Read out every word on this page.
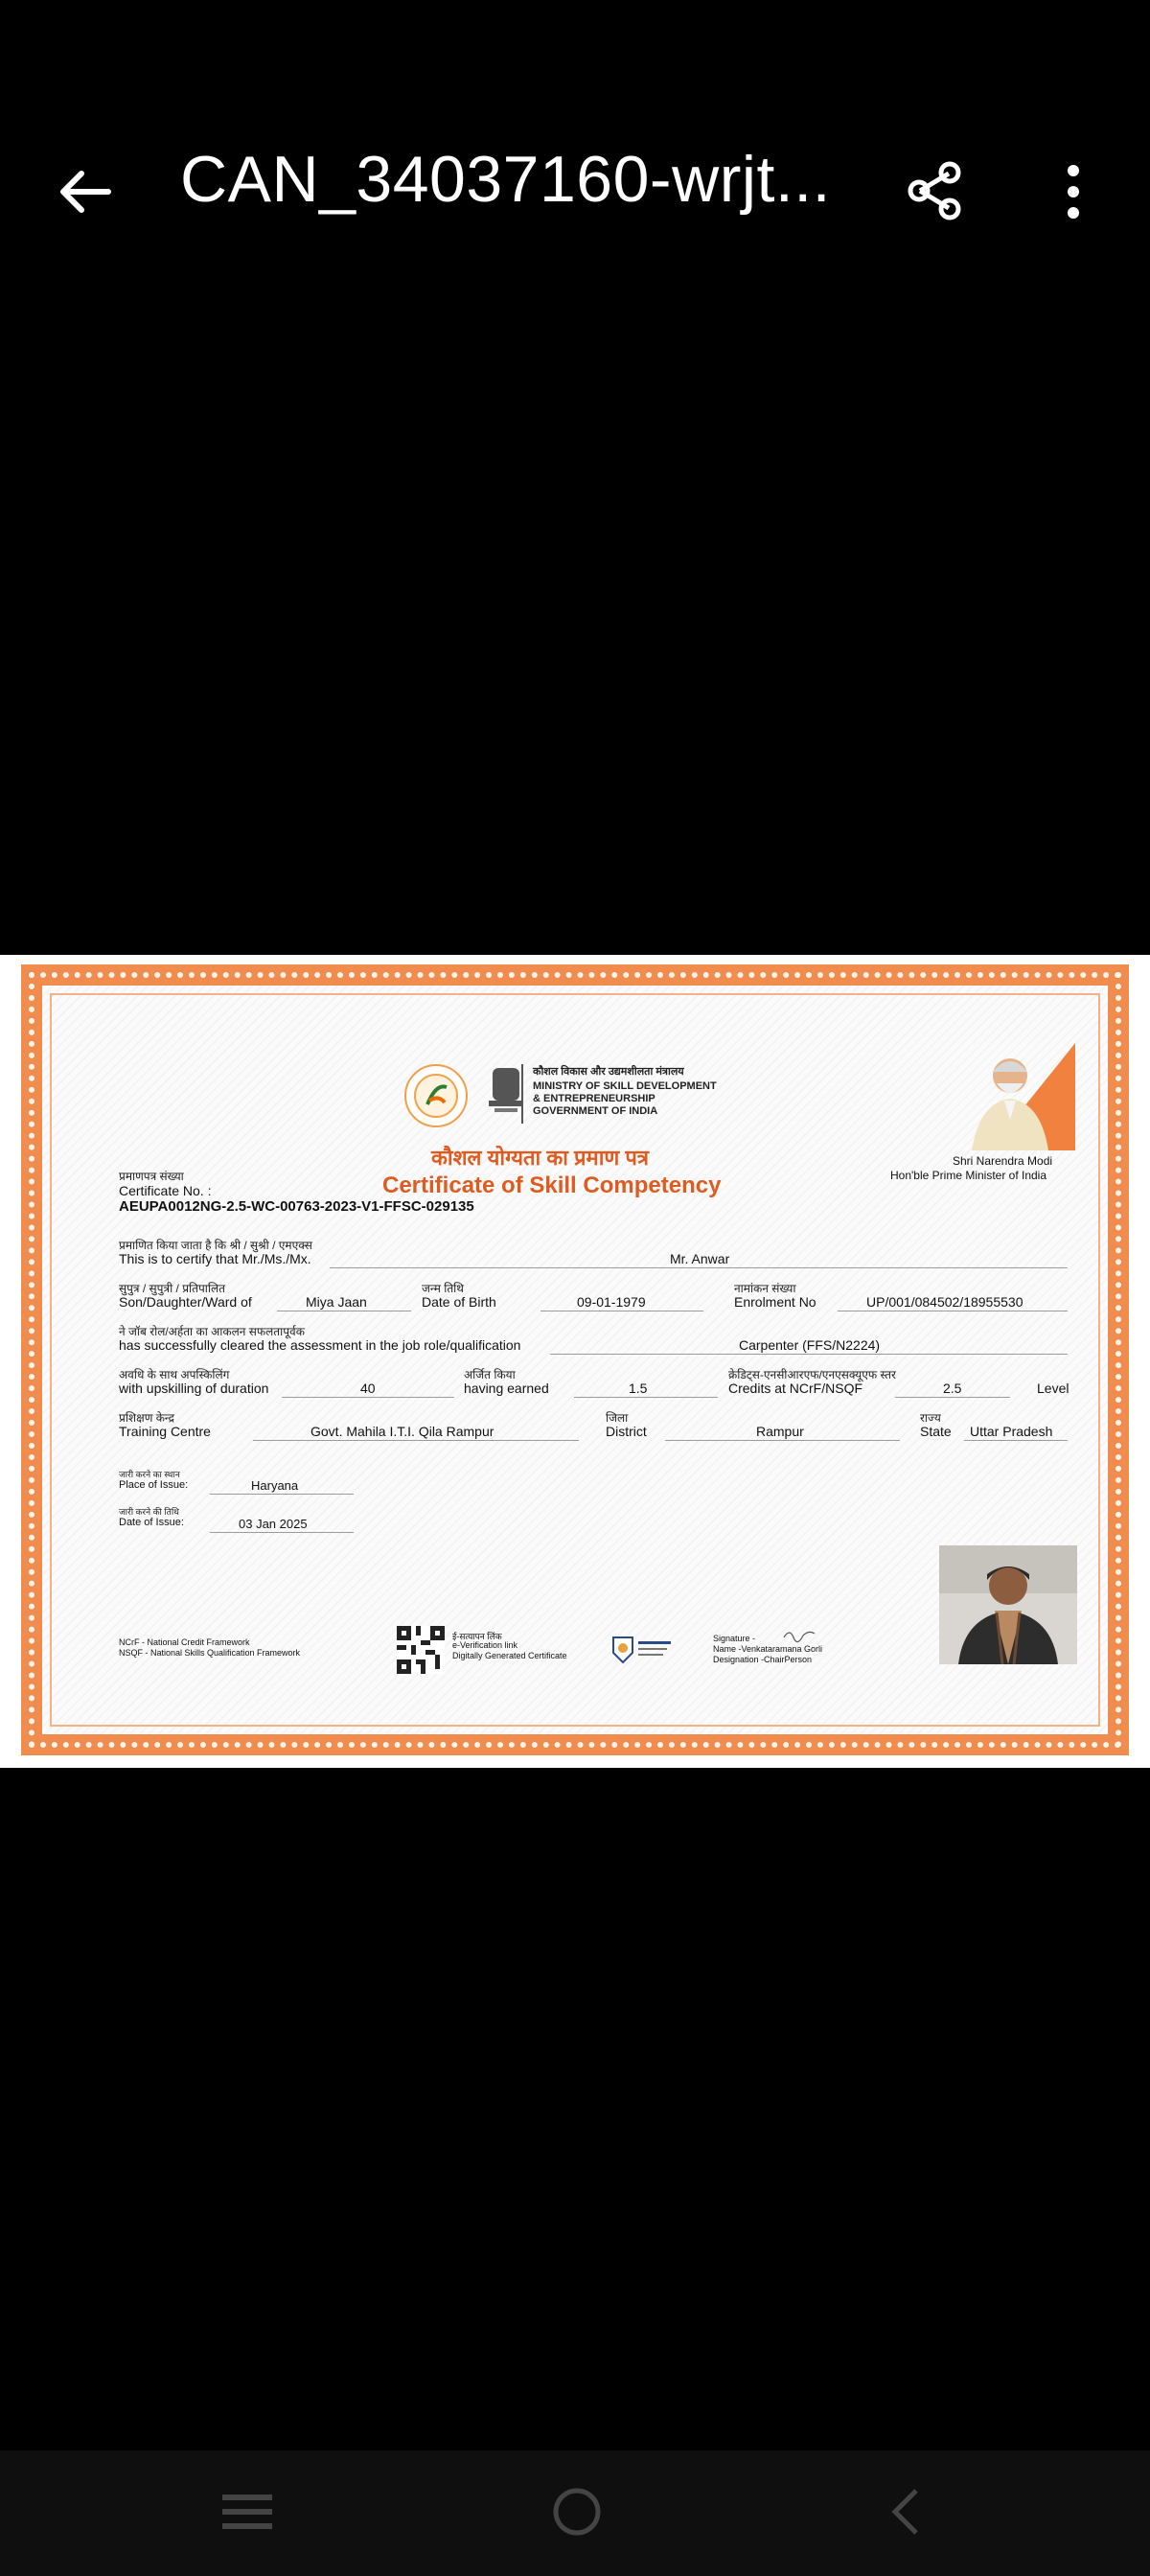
CAN_34037160-wrjt...
कौशल विकास और उद्यमशीलता मंत्रालय
MINISTRY OF SKILL DEVELOPMENT
& ENTREPRENEURSHIP
GOVERNMENT OF INDIA
कौशल योग्यता का प्रमाण पत्र
Certificate of Skill Competency
Shri Narendra Modi
Hon'ble Prime Minister of India
प्रमाणपत्र संख्या
Certificate No. :
AEUPA0012NG-2.5-WC-00763-2023-V1-FFSC-029135
प्रमाणित किया जाता है कि श्री / सुश्री / एमएक्स
This is to certify that Mr./Ms./Mx.	Mr. Anwar
सुपुत्र / सुपुत्री / प्रतिपालित
Son/Daughter/Ward of	Miya Jaan
जन्म तिथि
Date of Birth	09-01-1979
नामांकन संख्या
Enrolment No	UP/001/084502/18955530
ने जॉब रोल/अर्हता का आकलन सफलतापूर्वक
has successfully cleared the assessment in the job role/qualification	Carpenter (FFS/N2224)
अवधि के साथ अपस्किलिंग
with upskilling of duration	40
अर्जित किया
having earned	1.5
क्रेडिट्स-एनसीआरएफ/एनएसक्यूएफ स्तर
Credits at NCrF/NSQF	2.5	Level
प्रशिक्षण केन्द्र
Training Centre	Govt. Mahila I.T.I. Qila Rampur
जिला
District	Rampur
राज्य
State Uttar Pradesh
जारी करने का स्थान
Place of Issue:	Haryana
जारी करने की तिथि
Date of Issue:	03 Jan 2025
NCrF - National Credit Framework
NSQF - National Skills Qualification Framework
ई-सत्यापन लिंक
e-Verification link
Digitally Generated Certificate
Signature -
Name -Venkataramana Gorli
Designation -ChairPerson
